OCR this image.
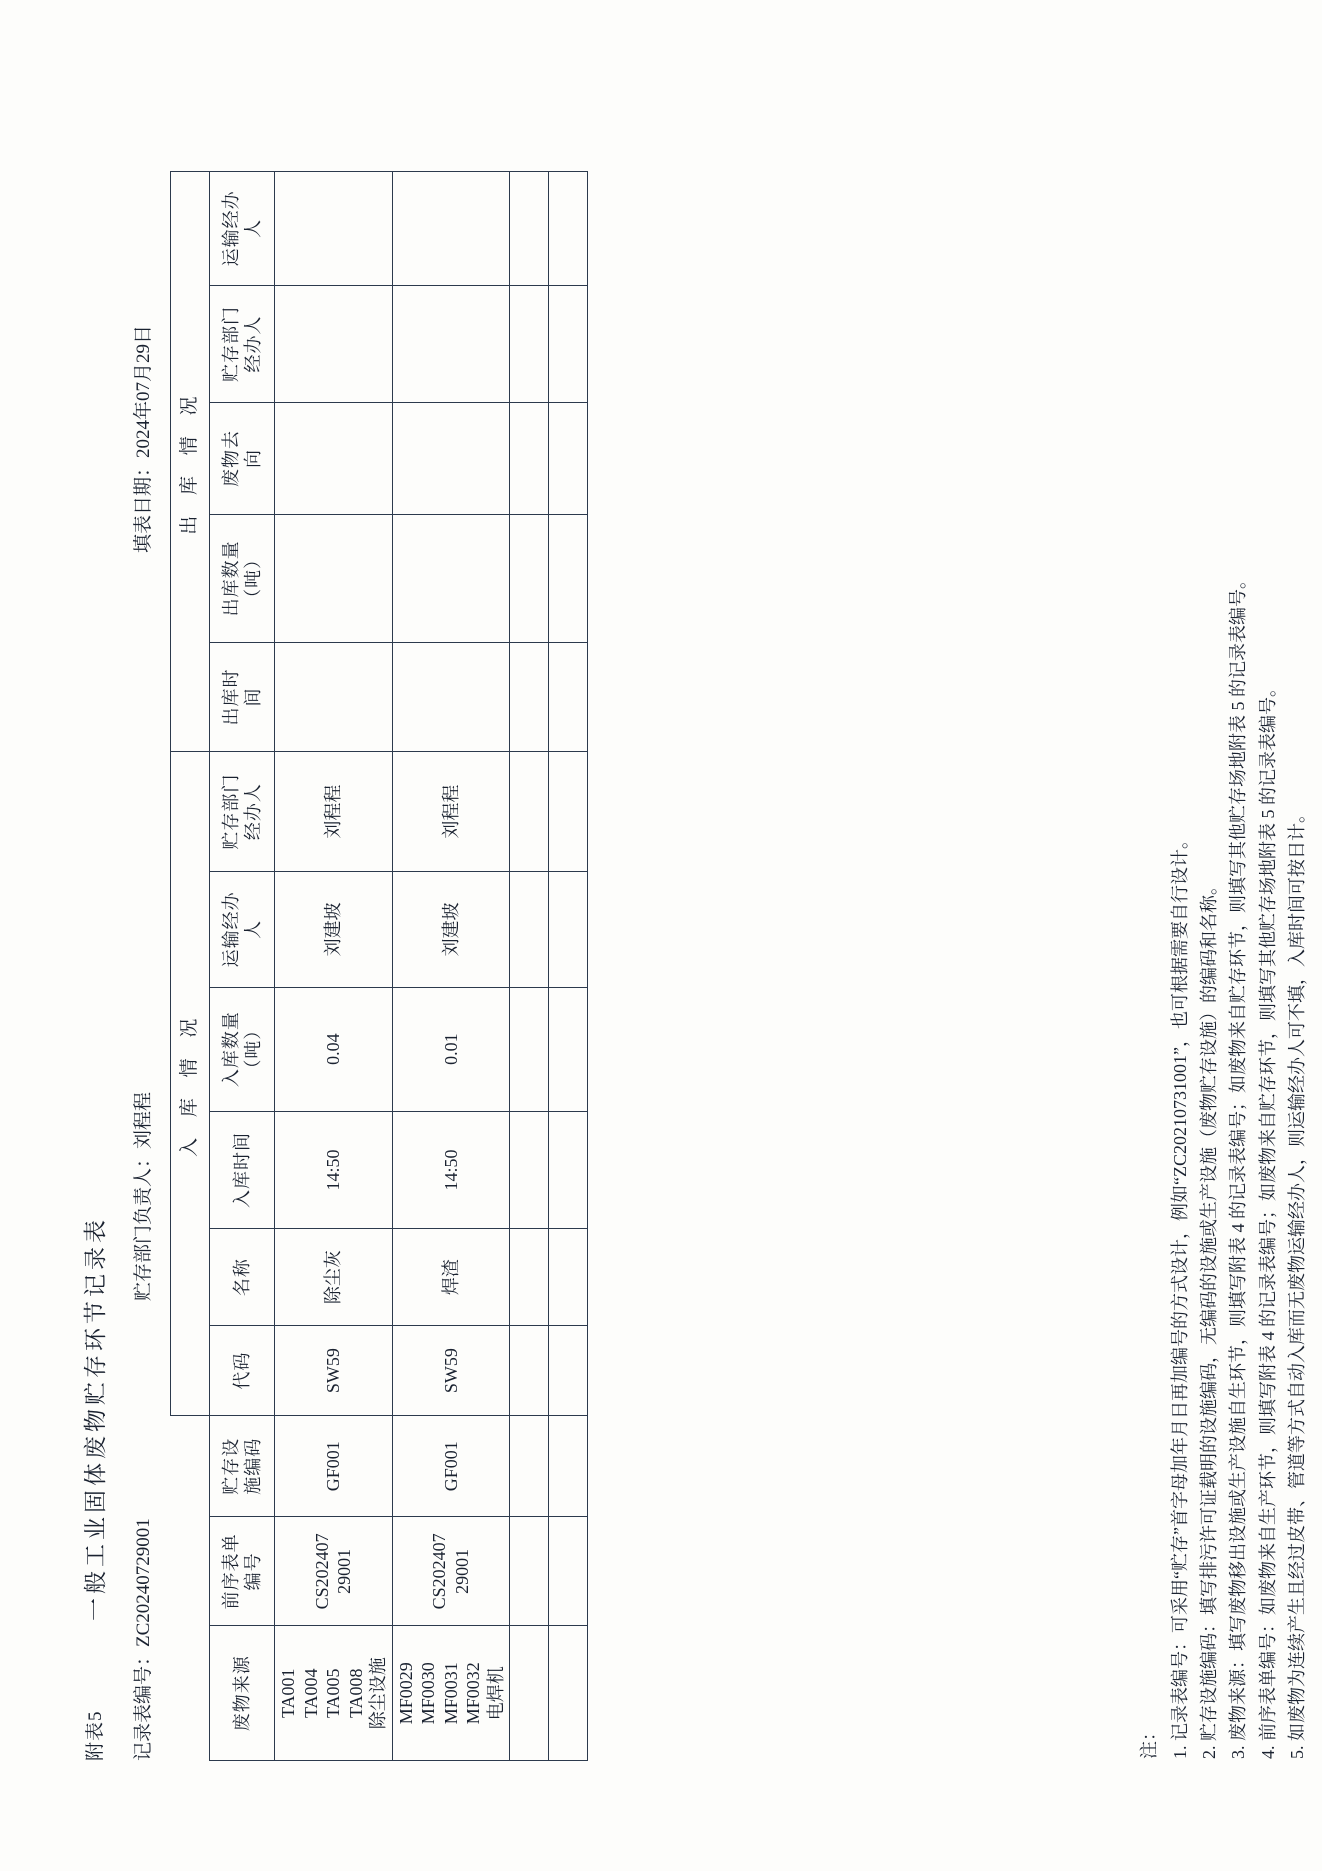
附表5
一般工业固体废物贮存环节记录表
记录表编号：ZC20240729001
贮存部门负责人：刘程程
填表日期：2024年07月29日
			入 库 情 况						出 库 情 况				
废物来源	前序表单 编号	贮存设 施编码	代码	名称	入库时间	入库数量 （吨）	运输经办 人	贮存部门 经办人	出库时 间	出库数量 （吨）	废物去 向	贮存部门 经办人	运输经办 人
TA001 TA004 TA005 TA008 除尘设施	CS202407 29001	GF001	SW59	除尘灰	14:50	0.04	刘建坡	刘程程					
MF0029 MF0030 MF0031 MF0032 电焊机	CS202407 29001	GF001	SW59	焊渣	14:50	0.01	刘建坡	刘程程					

注： 1. 记录表编号：可采用“贮存”首字母加年月日再加编号的方式设计，例如“ZC20210731001”，也可根据需要自行设计。 2. 贮存设施编码：填写排污许可证载明的设施编码，无编码的设施或生产设施（废物贮存设施）的编码和名称。 3. 废物来源：填写废物移出设施或生产设施自生环节，则填写附表 4 的记录表编号；如废物来自贮存环节，则填写其他贮存场地附表 5 的记录表编号。 4. 前序表单编号：如废物来自生产环节，则填写附表 4 的记录表编号；如废物来自贮存环节，则填写其他贮存场地附表 5 的记录表编号。 5. 如废物为连续产生且经过皮带、管道等方式自动入库而无废物运输经办人，则运输经办人可不填，入库时间可按日计。
